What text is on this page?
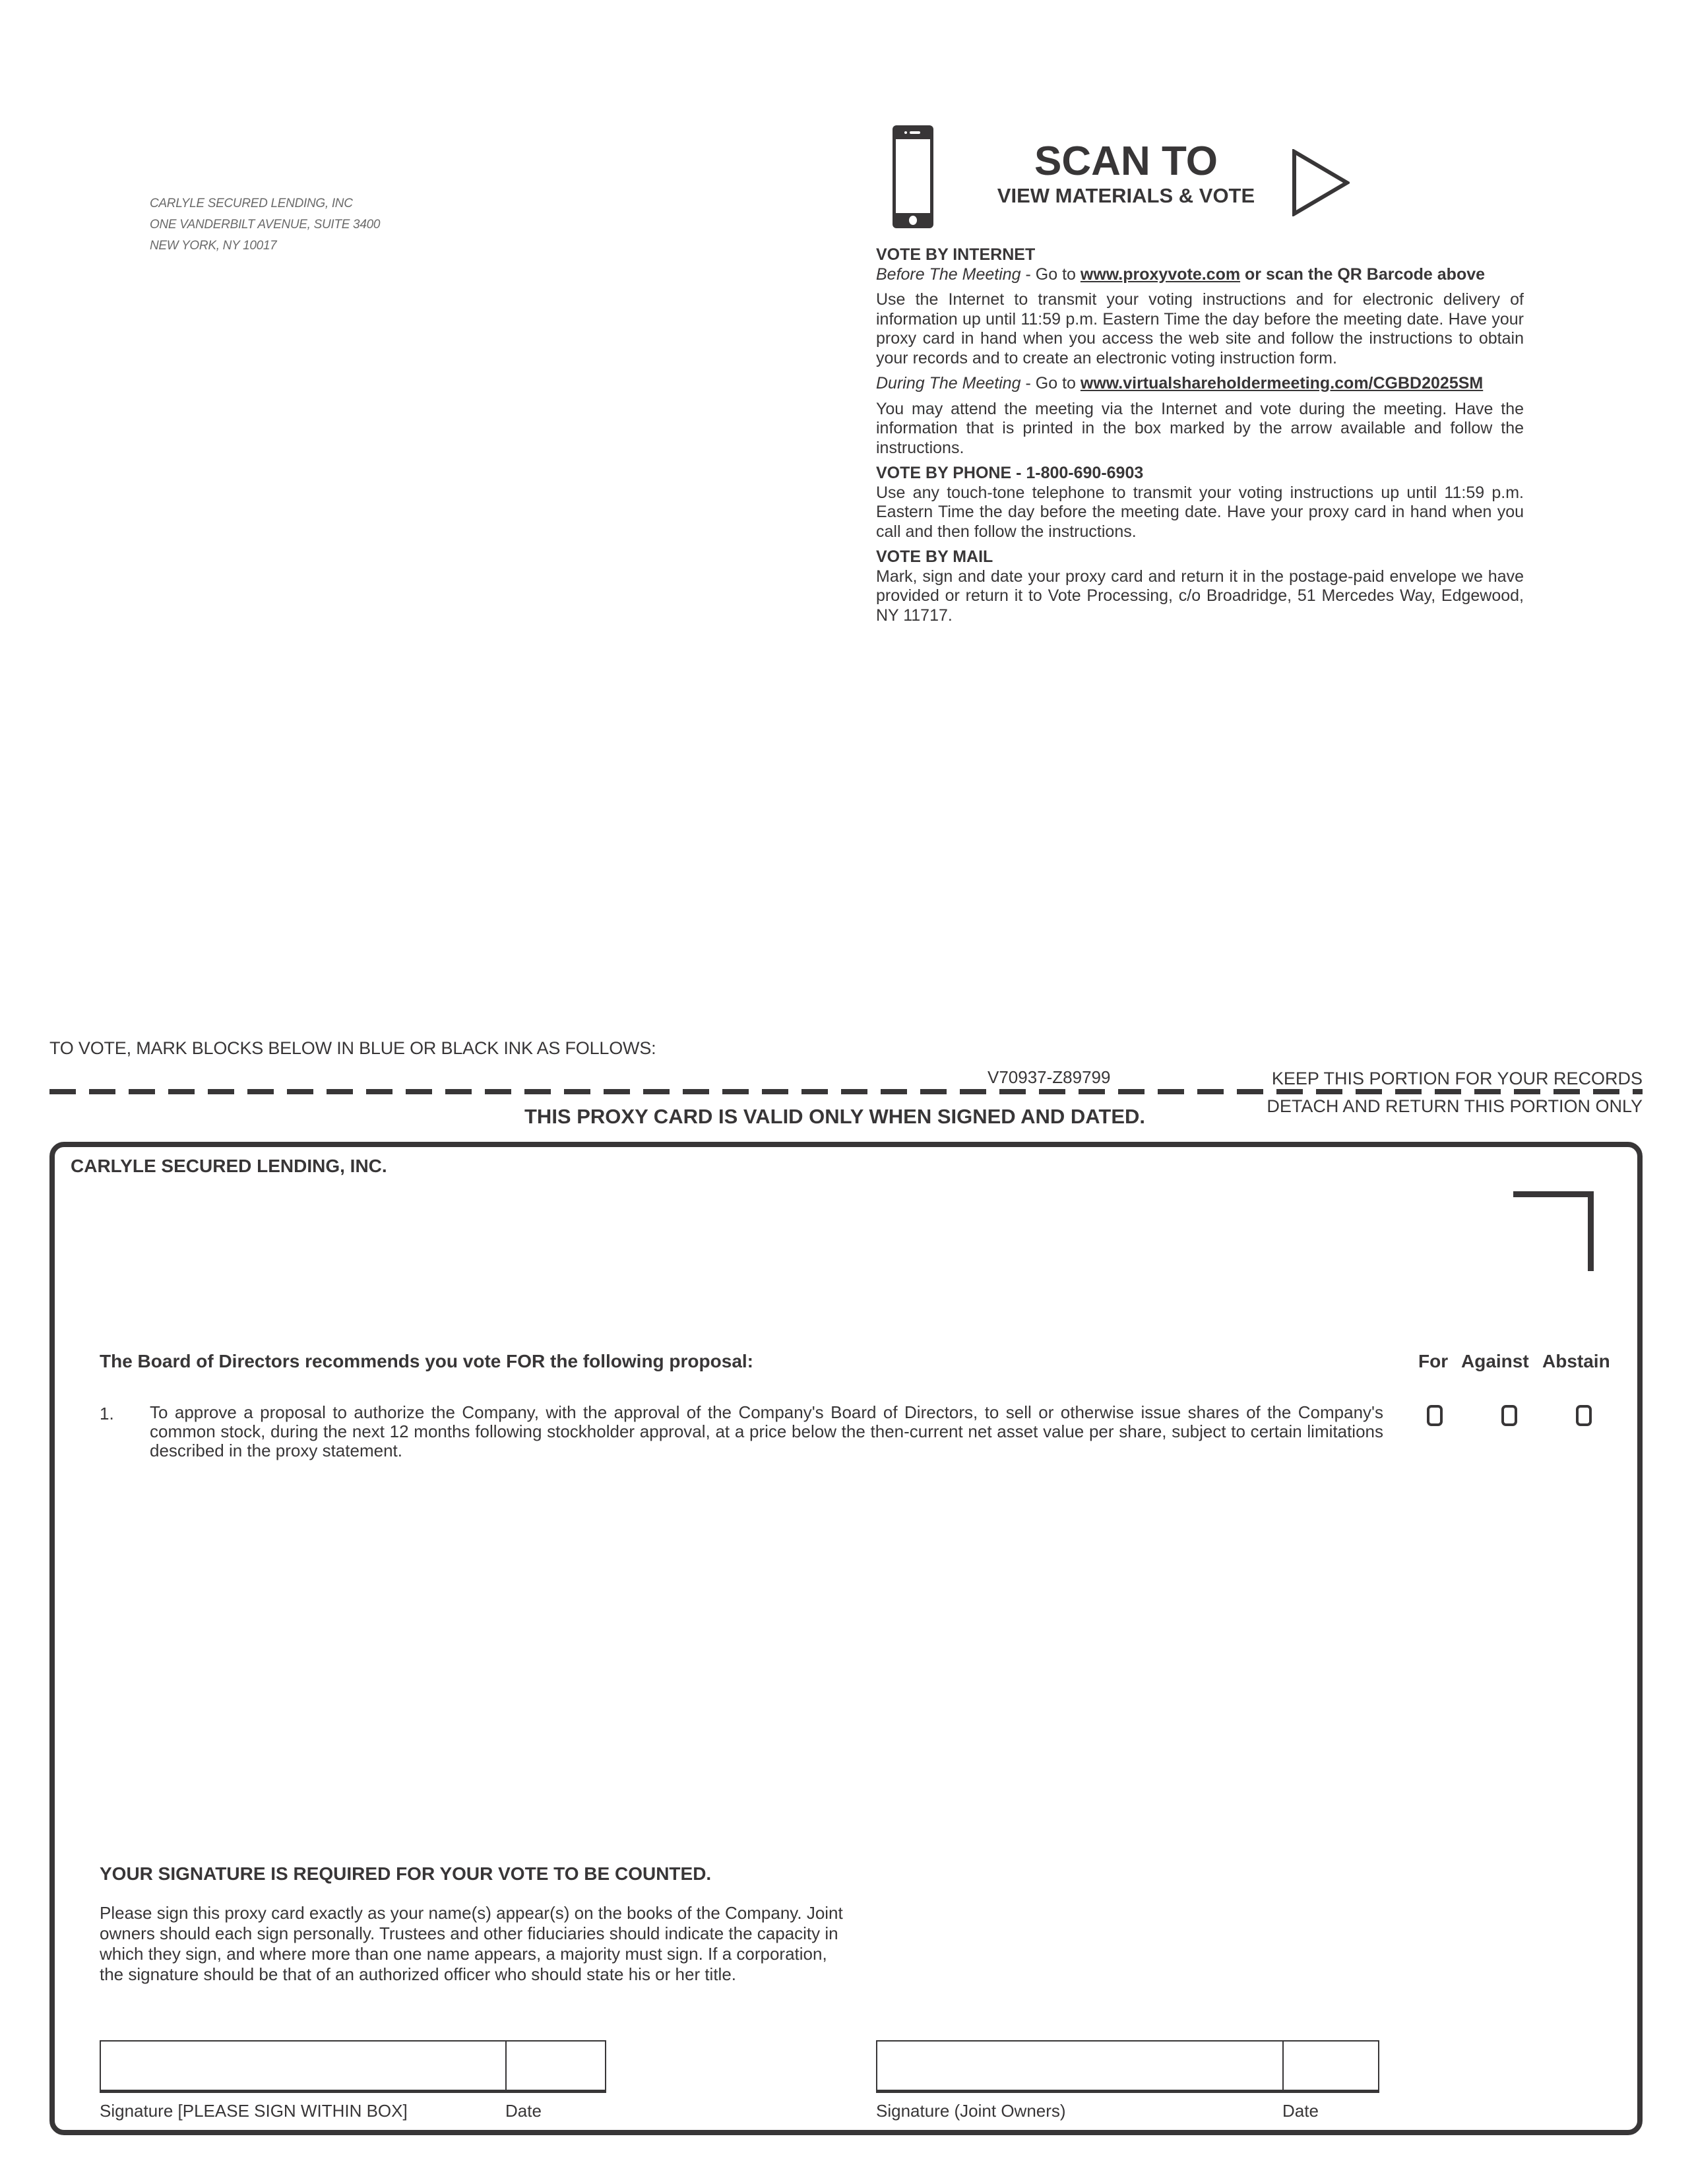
CARLYLE SECURED LENDING, INC
ONE VANDERBILT AVENUE, SUITE 3400
NEW YORK, NY 10017
SCAN TO
VIEW MATERIALS & VOTE

VOTE BY INTERNET

Before The Meeting - Go to www.proxyvote.com or scan the QR Barcode above

Use the Internet to transmit your voting instructions and for electronic delivery of information up until 11:59 p.m. Eastern Time the day before the meeting date. Have your proxy card in hand when you access the web site and follow the instructions to obtain your records and to create an electronic voting instruction form.

During The Meeting - Go to www.virtualshareholdermeeting.com/CGBD2025SM

You may attend the meeting via the Internet and vote during the meeting. Have the information that is printed in the box marked by the arrow available and follow the instructions.

VOTE BY PHONE - 1-800-690-6903

Use any touch-tone telephone to transmit your voting instructions up until 11:59 p.m. Eastern Time the day before the meeting date. Have your proxy card in hand when you call and then follow the instructions.

VOTE BY MAIL

Mark, sign and date your proxy card and return it in the postage-paid envelope we have provided or return it to Vote Processing, c/o Broadridge, 51 Mercedes Way, Edgewood, NY 11717.

TO VOTE, MARK BLOCKS BELOW IN BLUE OR BLACK INK AS FOLLOWS:
V70937-Z89799	KEEP THIS PORTION FOR YOUR RECORDS
DETACH AND RETURN THIS PORTION ONLY
THIS PROXY CARD IS VALID ONLY WHEN SIGNED AND DATED.
CARLYLE SECURED LENDING, INC.
The Board of Directors recommends you vote FOR the following proposal:	For Against Abstain
1. To approve a proposal to authorize the Company, with the approval of the Company's Board of Directors, to sell or otherwise issue shares of the Company's common stock, during the next 12 months following stockholder approval, at a price below the then-current net asset value per share, subject to certain limitations described in the proxy statement.
YOUR SIGNATURE IS REQUIRED FOR YOUR VOTE TO BE COUNTED.
Please sign this proxy card exactly as your name(s) appear(s) on the books of the Company. Joint owners should each sign personally. Trustees and other fiduciaries should indicate the capacity in which they sign, and where more than one name appears, a majority must sign. If a corporation, the signature should be that of an authorized officer who should state his or her title.
Signature [PLEASE SIGN WITHIN BOX]	Date	Signature (Joint Owners)	Date
